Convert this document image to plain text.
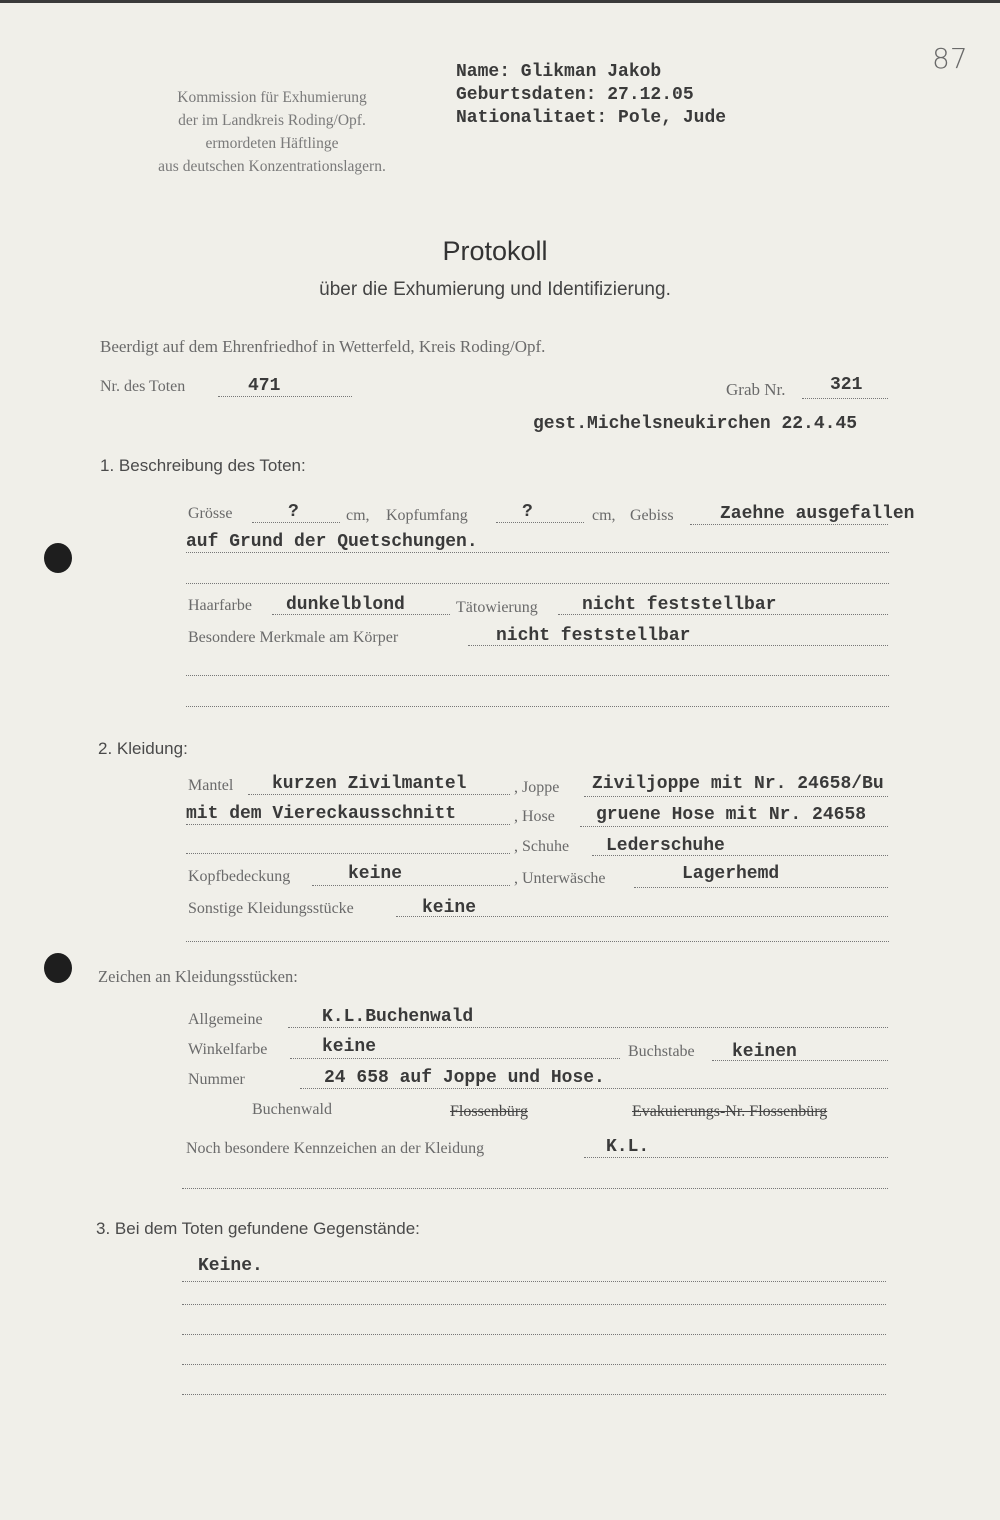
87
Kommission für Exhumierung
der im Landkreis Roding/Opf.
ermordeten Häftlinge
aus deutschen Konzentrationslagern.
Name: Glikman Jakob
Geburtsdaten: 27.12.05
Nationalitaet: Pole, Jude
Protokoll
über die Exhumierung und Identifizierung.
Beerdigt auf dem Ehrenfriedhof in Wetterfeld, Kreis Roding/Opf.
Nr. des Toten	471	Grab Nr. 321
gest.Michelsneukirchen 22.4.45
1. Beschreibung des Toten:
Grösse	?	cm, Kopfumfang	?	cm, Gebiss	Zaehne ausgefallen
auf Grund der Quetschungen.
Haarfarbe dunkelblond	Tätowierung nicht feststellbar
Besondere Merkmale am Körper	nicht feststellbar
2. Kleidung:
Mantel kurzen Zivilmantel	, Joppe Ziviljoppe mit Nr. 24658/Bu
mit dem Viereckausschnitt	, Hose gruene Hose mit Nr. 24658
, Schuhe Lederschuhe
Kopfbedeckung	keine	, Unterwäsche	Lagerhemd
Sonstige Kleidungsstücke	keine
Zeichen an Kleidungsstücken:
Allgemeine	K.L.Buchenwald
Winkelfarbe	keine	Buchstabe keinen
Nummer	24 658 auf Joppe und Hose.
Buchenwald	Flossenbürg	Evakuierungs-Nr. Flossenbürg
Noch besondere Kennzeichen an der Kleidung	K.L.
3. Bei dem Toten gefundene Gegenstände:
Keine.
